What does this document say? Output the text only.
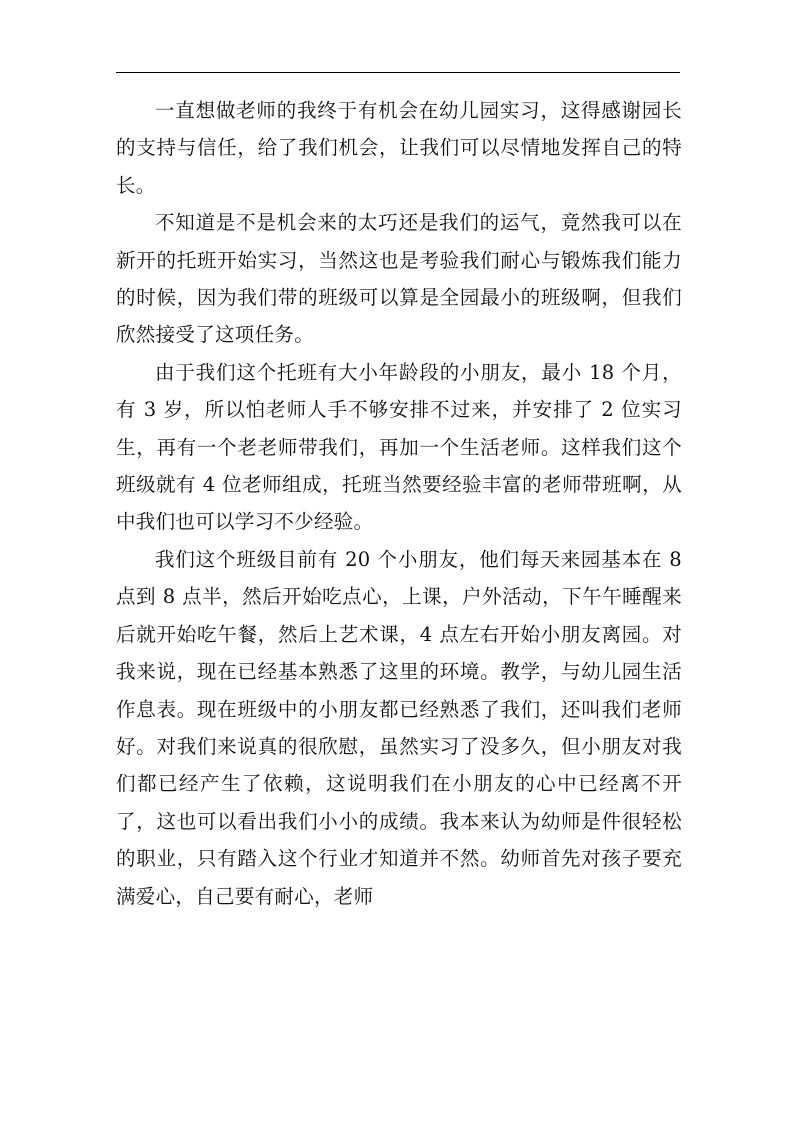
一直想做老师的我终于有机会在幼儿园实习，这得感谢园长的支持与信任，给了我们机会，让我们可以尽情地发挥自己的特长。

不知道是不是机会来的太巧还是我们的运气，竟然我可以在新开的托班开始实习，当然这也是考验我们耐心与锻炼我们能力的时候，因为我们带的班级可以算是全园最小的班级啊，但我们欣然接受了这项任务。

由于我们这个托班有大小年龄段的小朋友，最小 18 个月，有 3 岁，所以怕老师人手不够安排不过来，并安排了 2 位实习生，再有一个老老师带我们，再加一个生活老师。这样我们这个班级就有 4 位老师组成，托班当然要经验丰富的老师带班啊，从中我们也可以学习不少经验。

我们这个班级目前有 20 个小朋友，他们每天来园基本在 8 点到 8 点半，然后开始吃点心，上课，户外活动，下午午睡醒来后就开始吃午餐，然后上艺术课，4 点左右开始小朋友离园。对我来说，现在已经基本熟悉了这里的环境。教学，与幼儿园生活作息表。现在班级中的小朋友都已经熟悉了我们，还叫我们老师好。对我们来说真的很欣慰，虽然实习了没多久，但小朋友对我们都已经产生了依赖，这说明我们在小朋友的心中已经离不开了，这也可以看出我们小小的成绩。我本来认为幼师是件很轻松的职业，只有踏入这个行业才知道并不然。幼师首先对孩子要充满爱心，自己要有耐心，老师
